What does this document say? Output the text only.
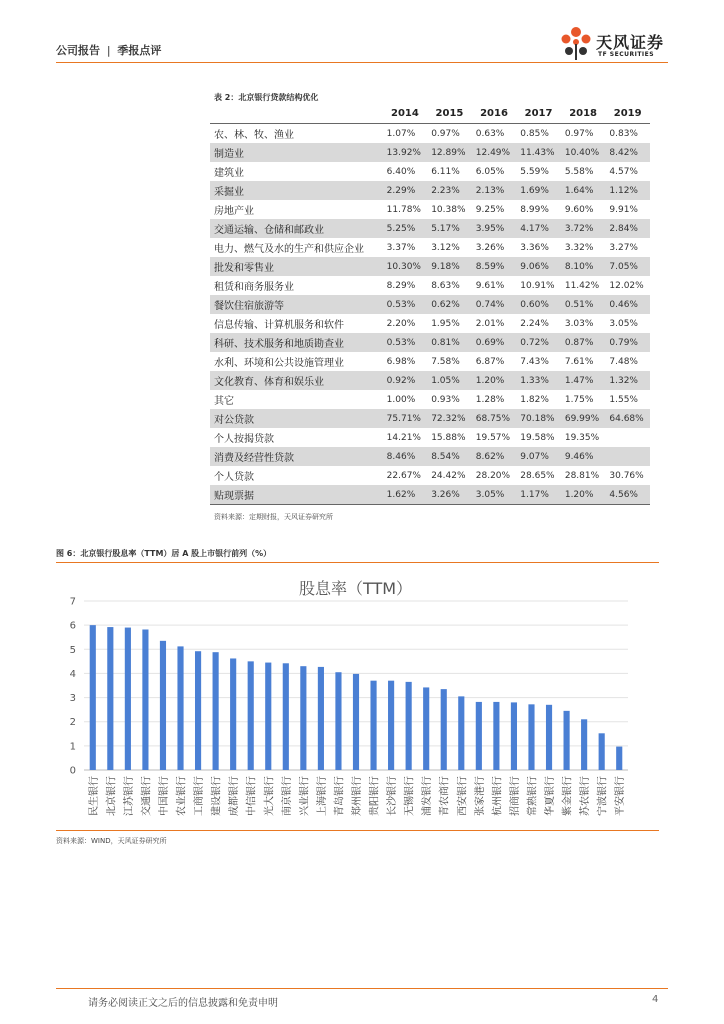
公司报告 | 季报点评	天风证券
TF SECURITIES
表 2：北京银行贷款结构优化
	2014	2015	2016	2017	2018	2019
农、林、牧、渔业	1.07%	0.97%	0.63%	0.85%	0.97%	0.83%
制造业	13.92%	12.89%	12.49%	11.43%	10.40%	8.42%
建筑业	6.40%	6.11%	6.05%	5.59%	5.58%	4.57%
采掘业	2.29%	2.23%	2.13%	1.69%	1.64%	1.12%
房地产业	11.78%	10.38%	9.25%	8.99%	9.60%	9.91%
交通运输、仓储和邮政业	5.25%	5.17%	3.95%	4.17%	3.72%	2.84%
电力、燃气及水的生产和供应企业	3.37%	3.12%	3.26%	3.36%	3.32%	3.27%
批发和零售业	10.30%	9.18%	8.59%	9.06%	8.10%	7.05%
租赁和商务服务业	8.29%	8.63%	9.61%	10.91%	11.42%	12.02%
餐饮住宿旅游等	0.53%	0.62%	0.74%	0.60%	0.51%	0.46%
信息传输、计算机服务和软件	2.20%	1.95%	2.01%	2.24%	3.03%	3.05%
科研、技术服务和地质勘查业	0.53%	0.81%	0.69%	0.72%	0.87%	0.79%
水利、环境和公共设施管理业	6.98%	7.58%	6.87%	7.43%	7.61%	7.48%
文化教育、体育和娱乐业	0.92%	1.05%	1.20%	1.33%	1.47%	1.32%
其它	1.00%	0.93%	1.28%	1.82%	1.75%	1.55%
对公贷款	75.71%	72.32%	68.75%	70.18%	69.99%	64.68%
个人按揭贷款	14.21%	15.88%	19.57%	19.58%	19.35%	
消费及经营性贷款	8.46%	8.54%	8.62%	9.07%	9.46%	
个人贷款	22.67%	24.42%	28.20%	28.65%	28.81%	30.76%
贴现票据	1.62%	3.26%	3.05%	1.17%	1.20%	4.56%
资料来源：定期财报，天风证券研究所
图 6：北京银行股息率（TTM）居 A 股上市银行前列（%）
股息率（TTM）
0
1
2
3
4
5
6
7
民生银行 北京银行 江苏银行 交通银行 中国银行 农业银行 工商银行 建设银行 成都银行 中信银行 光大银行 南京银行 兴业银行 上海银行 青岛银行 郑州银行 贵阳银行 长沙银行 无锡银行 浦发银行 青农商行 西安银行 张家港行 杭州银行 招商银行 常熟银行 华夏银行 紫金银行 苏农银行 宁波银行 平安银行
资料来源：WIND，天风证券研究所
请务必阅读正文之后的信息披露和免责申明	4
